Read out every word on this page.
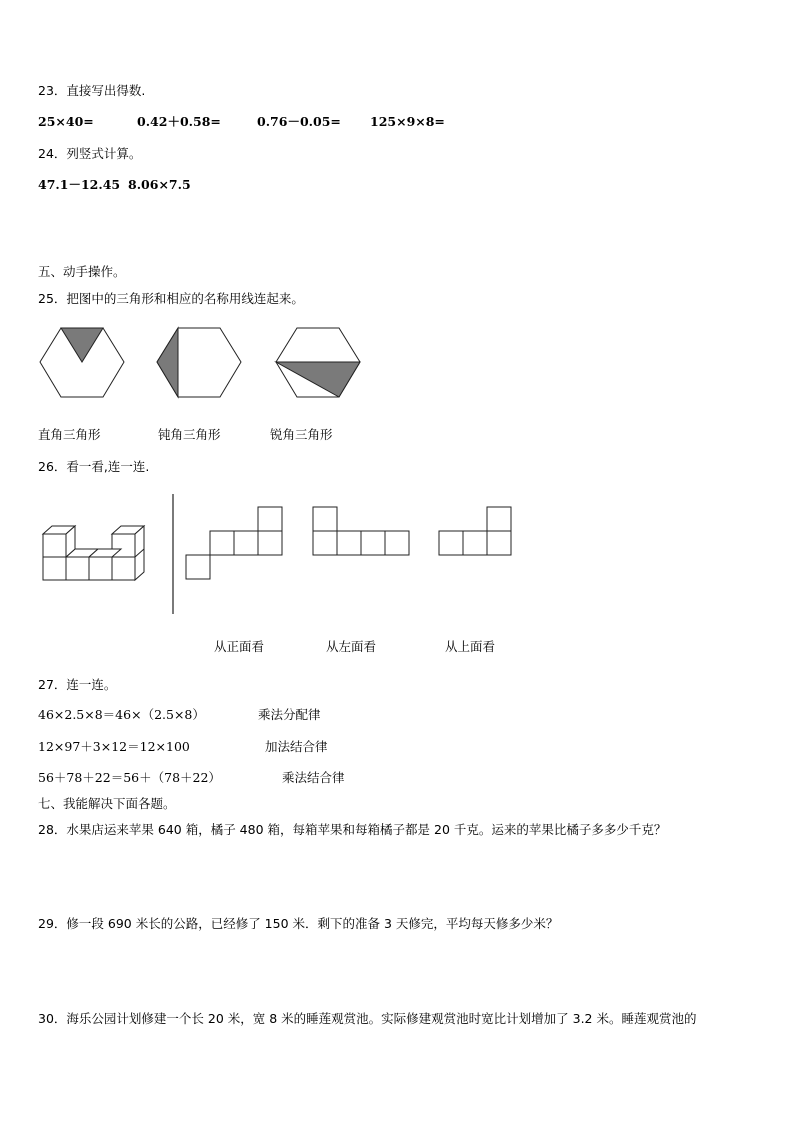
23．直接写出得数.
25×40=	0.42＋0.58=	0.76－0.05= 125×9×8=
24．列竖式计算。
47.1－12.45 8.06×7.5
五、动手操作。
25．把图中的三角形和相应的名称用线连起来。
直角三角形	钝角三角形	锐角三角形
26．看一看,连一连.
从正面看	从左面看	从上面看
27．连一连。
46×2.5×8＝46×（2.5×8）
12×97＋3×12＝12×100
56＋78＋22＝56＋（78＋22）
乘法分配律
加法结合律
乘法结合律
七、我能解决下面各题。
28．水果店运来苹果 640 箱，橘子 480 箱，每箱苹果和每箱橘子都是 20 千克。运来的苹果比橘子多多少千克？
29．修一段 690 米长的公路，已经修了 150 米．剩下的准备 3 天修完，平均每天修多少米？
30．海乐公园计划修建一个长 20 米，宽 8 米的睡莲观赏池。实际修建观赏池时宽比计划增加了 3.2 米。睡莲观赏池的
